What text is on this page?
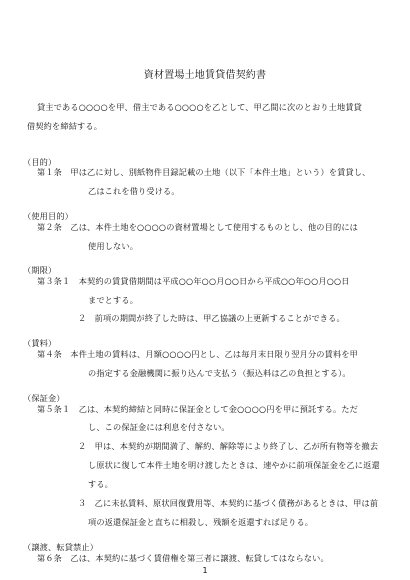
資材置場土地賃貸借契約書
貸主である○○○○を甲、借主である○○○○を乙として、甲乙間に次のとおり土地賃貸
借契約を締結する。
（目的）
第１条　甲は乙に対し、別紙物件目録記載の土地（以下「本件土地」という）を賃貸し、
乙はこれを借り受ける。
（使用目的）
第２条　乙は、本件土地を○○○○の資材置場として使用するものとし、他の目的には
使用しない。
（期限）
第３条１　本契約の賃貸借期間は平成○○年○○月○○日から平成○○年○○月○○日
までとする。
２　前項の期間が終了した時は、甲乙協議の上更新することができる。
（賃料）
第４条　本件土地の賃料は、月額○○○○円とし、乙は毎月末日限り翌月分の賃料を甲
の指定する金融機関に振り込んで支払う（振込料は乙の負担とする）。
（保証金）
第５条１　乙は、本契約締結と同時に保証金として金○○○○円を甲に預託する。ただ
し、この保証金には利息を付さない。
２　甲は、本契約が期間満了、解約、解除等により終了し、乙が所有物等を撤去
し原状に復して本件土地を明け渡したときは、速やかに前項保証金を乙に返還
する。
３　乙に未払賃料、原状回復費用等、本契約に基づく債務があるときは、甲は前
項の返還保証金と直ちに相殺し、残額を返還すれば足りる。
（譲渡、転貸禁止）
第６条　乙は、本契約に基づく賃借権を第三者に譲渡、転貸してはならない。
1
